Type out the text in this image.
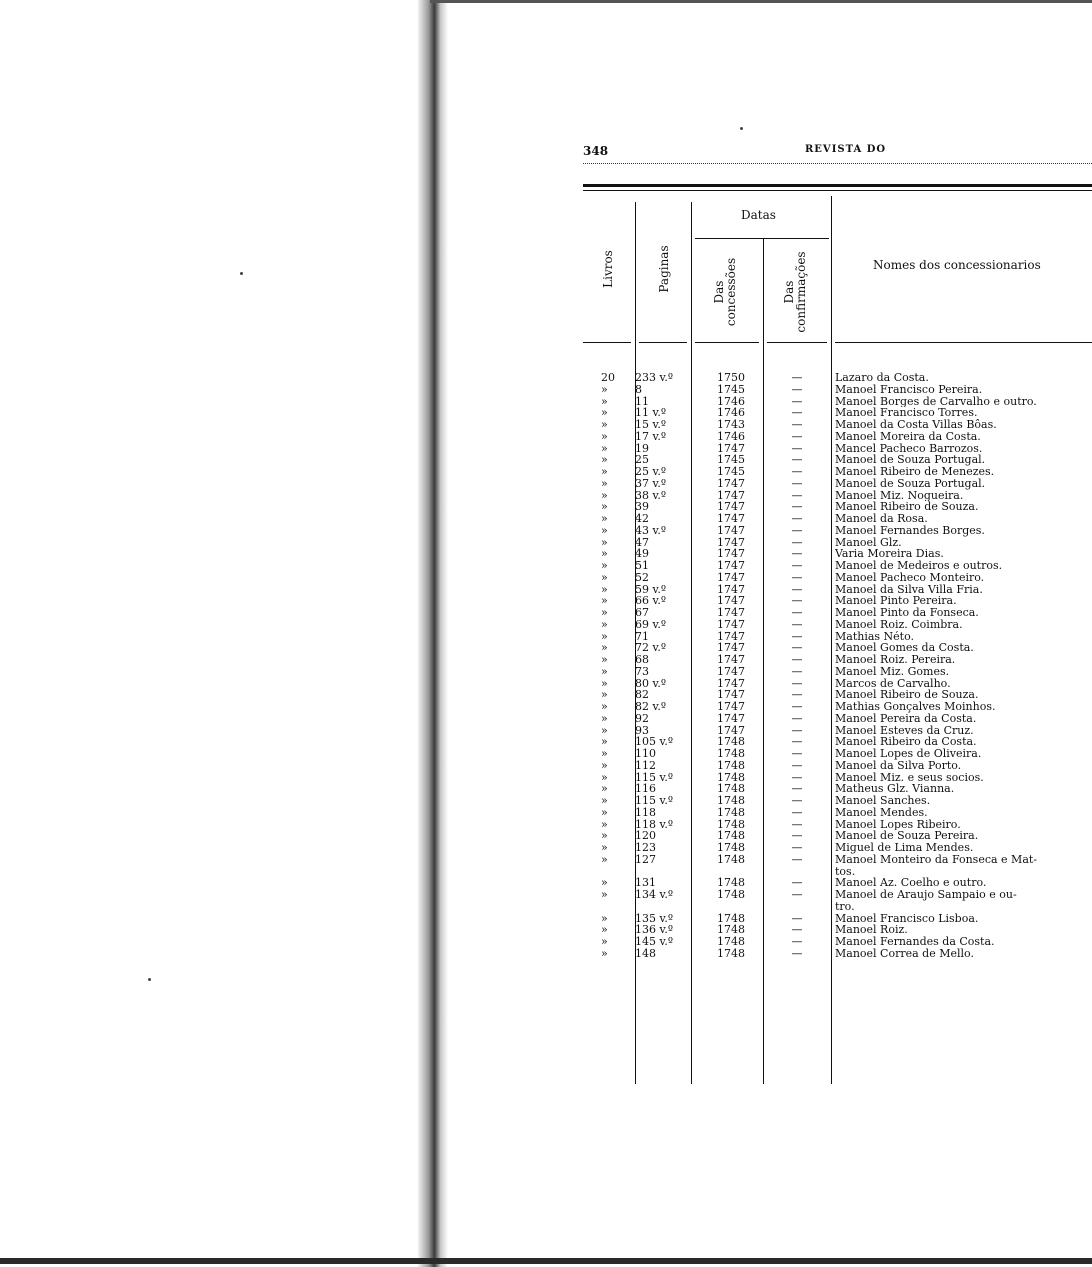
348	REVISTA DO
Livros	Paginas
Datas
Das concessões	Das confirmações	Nomes dos concessionarios
20	233 v.º	1750	—	Lazaro da Costa.
»	8	1745	—	Manoel Francisco Pereira.
»	11	1746	—	Manoel Borges de Carvalho e outro.
»	11 v.º	1746	—	Manoel Francisco Torres.
»	15 v.º	1743	—	Manoel da Costa Villas Bôas.
»	17 v.º	1746	—	Manoel Moreira da Costa.
»	19	1747	—	Mancel Pacheco Barrozos.
»	25	1745	—	Manoel de Souza Portugal.
»	25 v.º	1745	—	Manoel Ribeiro de Menezes.
»	37 v.º	1747	—	Manoel de Souza Portugal.
»	38 v.º	1747	—	Manoel Miz. Nogueira.
»	39	1747	—	Manoel Ribeiro de Souza.
»	42	1747	—	Manoel da Rosa.
»	43 v.º	1747	—	Manoel Fernandes Borges.
»	47	1747	—	Manoel Glz.
»	49	1747	—	Varia Moreira Dias.
»	51	1747	—	Manoel de Medeiros e outros.
»	52	1747	—	Manoel Pacheco Monteiro.
»	59 v.º	1747	—	Manoel da Silva Villa Fria.
»	66 v.º	1747	—	Manoel Pinto Pereira.
»	67	1747	—	Manoel Pinto da Fonseca.
»	69 v.º	1747	—	Manoel Roiz. Coimbra.
»	71	1747	—	Mathias Néto.
»	72 v.º	1747	—	Manoel Gomes da Costa.
»	68	1747	—	Manoel Roiz. Pereira.
»	73	1747	—	Manoel Miz. Gomes.
»	80 v.º	1747	—	Marcos de Carvalho.
»	82	1747	—	Manoel Ribeiro de Souza.
»	82 v.º	1747	—	Mathias Gonçalves Moinhos.
»	92	1747	—	Manoel Pereira da Costa.
»	93	1747	—	Manoel Esteves da Cruz.
»	105 v.º	1748	—	Manoel Ribeiro da Costa.
»	110	1748	—	Manoel Lopes de Oliveira.
»	112	1748	—	Manoel da Silva Porto.
»	115 v.º	1748	—	Manoel Miz. e seus socios.
»	116	1748	—	Matheus Glz. Vianna.
»	115 v.º	1748	—	Manoel Sanches.
»	118	1748	—	Manoel Mendes.
»	118 v.º	1748	—	Manoel Lopes Ribeiro.
»	120	1748	—	Manoel de Souza Pereira.
»	123	1748	—	Miguel de Lima Mendes.
»	127	1748	—	Manoel Monteiro da Fonseca e Mat-
tos.
»	131	1748	—	Manoel Az. Coelho e outro.
»	134 v.º	1748	—	Manoel de Araujo Sampaio e ou-
tro.
»	135 v.º	1748	—	Manoel Francisco Lisboa.
»	136 v.º	1748	—	Manoel Roiz.
»	145 v.º	1748	—	Manoel Fernandes da Costa.
»	148	1748	—	Manoel Correa de Mello.
